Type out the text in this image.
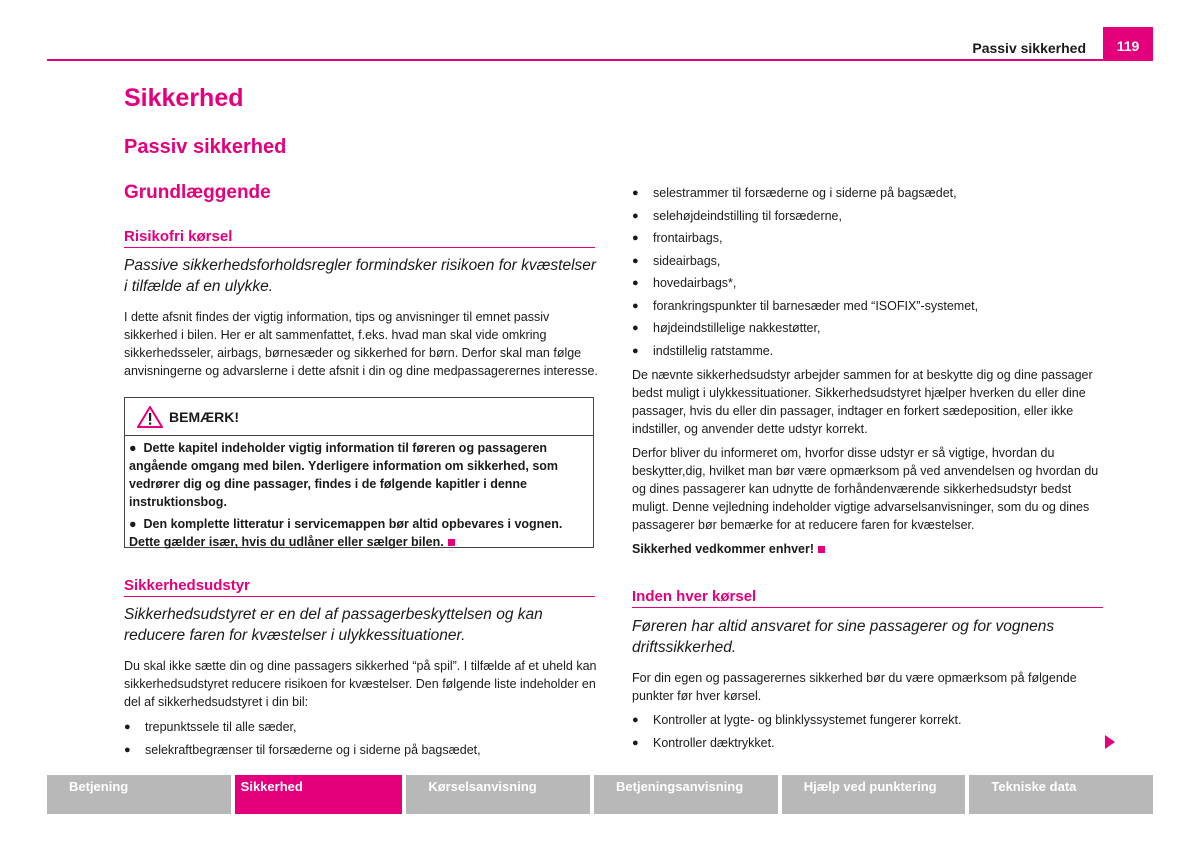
Passiv sikkerhed	119
Sikkerhed
Passiv sikkerhed
Grundlæggende
Risikofri kørsel

Passive sikkerhedsforholdsregler formindsker risikoen for kvæstelser i tilfælde af en ulykke.

I dette afsnit findes der vigtig information, tips og anvisninger til emnet passiv sikkerhed i bilen. Her er alt sammenfattet, f.eks. hvad man skal vide omkring sikkerhedsseler, airbags, børnesæder og sikkerhed for børn. Derfor skal man følge anvisningerne og advarslerne i dette afsnit i din og dine medpassagerernes interesse.

BEMÆRK!

●  Dette kapitel indeholder vigtig information til føreren og passageren angående omgang med bilen. Yderligere information om sikkerhed, som vedrører dig og dine passager, findes i de følgende kapitler i denne instruktionsbog.

●  Den komplette litteratur i servicemappen bør altid opbevares i vognen. Dette gælder især, hvis du udlåner eller sælger bilen.

Sikkerhedsudstyr

Sikkerhedsudstyret er en del af passagerbeskyttelsen og kan reducere faren for kvæstelser i ulykkessituationer.

Du skal ikke sætte din og dine passagers sikkerhed “på spil”. I tilfælde af et uheld kan sikkerhedsudstyret reducere risikoen for kvæstelser. Den følgende liste indeholder en del af sikkerhedsudstyret i din bil:

●	trepunktssele til alle sæder,
●	selekraftbegrænser til forsæderne og i siderne på bagsædet,
●	selestrammer til forsæderne og i siderne på bagsædet,
●	selehøjdeindstilling til forsæderne,
●	frontairbags,
●	sideairbags,
●	hovedairbags*,
●	forankringspunkter til barnesæder med “ISOFIX”-systemet,
●	højdeindstillelige nakkestøtter,
●	indstillelig ratstamme.

De nævnte sikkerhedsudstyr arbejder sammen for at beskytte dig og dine passager bedst muligt i ulykkessituationer. Sikkerhedsudstyret hjælper hverken du eller dine passager, hvis du eller din passager, indtager en forkert sædeposition, eller ikke indstiller, og anvender dette udstyr korrekt.

Derfor bliver du informeret om, hvorfor disse udstyr er så vigtige, hvordan du beskytter,dig, hvilket man bør være opmærksom på ved anvendelsen og hvordan du og dines passagerer kan udnytte de forhåndenværende sikkerhedsudstyr bedst muligt. Denne vejledning indeholder vigtige advarselsanvisninger, som du og dines passagerer bør bemærke for at reducere faren for kvæstelser.

Sikkerhed vedkommer enhver!

Inden hver kørsel

Føreren har altid ansvaret for sine passagerer og for vognens driftssikkerhed.

For din egen og passagerernes sikkerhed bør du være opmærksom på følgende punkter før hver kørsel.

●	Kontroller at lygte- og blinklyssystemet fungerer korrekt.
●	Kontroller dæktrykket.
Betjening	Sikkerhed	Kørselsanvisning	Betjeningsanvisning	Hjælp ved punktering	Tekniske data
